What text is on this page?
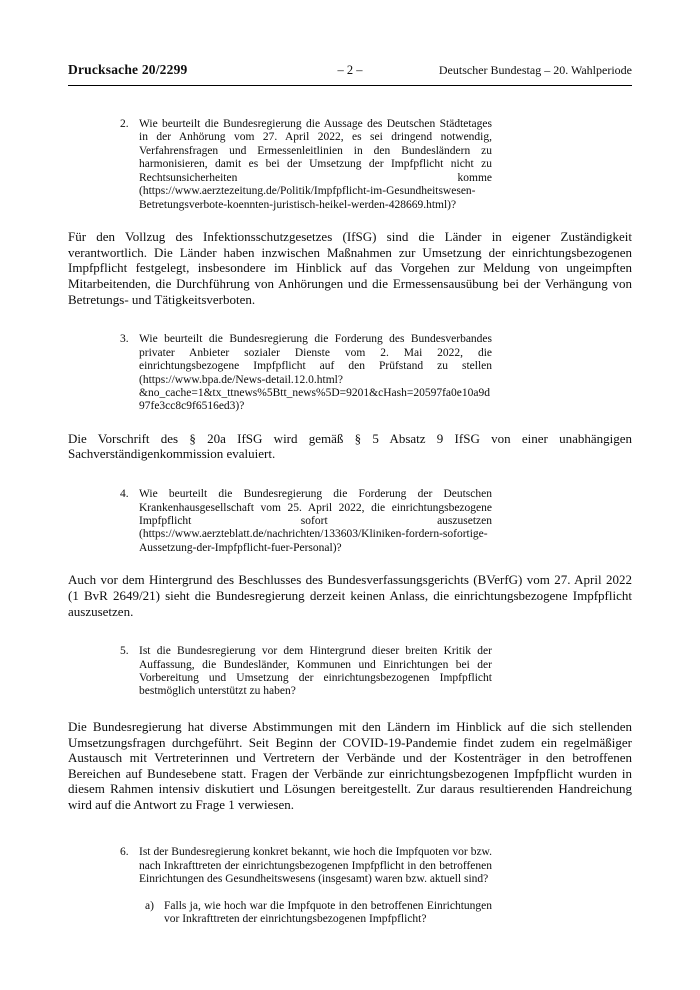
Drucksache 20/2299	– 2 –	Deutscher Bundestag – 20. Wahlperiode
2. Wie beurteilt die Bundesregierung die Aussage des Deutschen Städtetages in der Anhörung vom 27. April 2022, es sei dringend notwendig, Verfahrensfragen und Ermessenleitlinien in den Bundesländern zu harmonisieren, damit es bei der Umsetzung der Impfpflicht nicht zu Rechtsunsicherheiten komme (https://www.aerztezeitung.de/Politik/Impfpflicht-im-Gesundheitswesen-Betretungsverbote-koennten-juristisch-heikel-werden-428669.html)?

Für den Vollzug des Infektionsschutzgesetzes (IfSG) sind die Länder in eigener Zuständigkeit verantwortlich. Die Länder haben inzwischen Maßnahmen zur Umsetzung der einrichtungsbezogenen Impfpflicht festgelegt, insbesondere im Hinblick auf das Vorgehen zur Meldung von ungeimpften Mitarbeitenden, die Durchführung von Anhörungen und die Ermessensausübung bei der Verhängung von Betretungs- und Tätigkeitsverboten.

3. Wie beurteilt die Bundesregierung die Forderung des Bundesverbandes privater Anbieter sozialer Dienste vom 2. Mai 2022, die einrichtungsbezogene Impfpflicht auf den Prüfstand zu stellen (https://www.bpa.de/News-detail.12.0.html?&no_cache=1&tx_ttnews%5Btt_news%5D=9201&cHash=20597fa0e10a9d97fe3cc8c9f6516ed3)?

Die Vorschrift des § 20a IfSG wird gemäß § 5 Absatz 9 IfSG von einer unabhängigen Sachverständigenkommission evaluiert.

4. Wie beurteilt die Bundesregierung die Forderung der Deutschen Krankenhausgesellschaft vom 25. April 2022, die einrichtungsbezogene Impfpflicht sofort auszusetzen (https://www.aerzteblatt.de/nachrichten/133603/Kliniken-fordern-sofortige-Aussetzung-der-Impfpflicht-fuer-Personal)?

Auch vor dem Hintergrund des Beschlusses des Bundesverfassungsgerichts (BVerfG) vom 27. April 2022 (1 BvR 2649/21) sieht die Bundesregierung derzeit keinen Anlass, die einrichtungsbezogene Impfpflicht auszusetzen.

5. Ist die Bundesregierung vor dem Hintergrund dieser breiten Kritik der Auffassung, die Bundesländer, Kommunen und Einrichtungen bei der Vorbereitung und Umsetzung der einrichtungsbezogenen Impfpflicht bestmöglich unterstützt zu haben?

Die Bundesregierung hat diverse Abstimmungen mit den Ländern im Hinblick auf die sich stellenden Umsetzungsfragen durchgeführt. Seit Beginn der COVID-19-Pandemie findet zudem ein regelmäßiger Austausch mit Vertreterinnen und Vertretern der Verbände und der Kostenträger in den betroffenen Bereichen auf Bundesebene statt. Fragen der Verbände zur einrichtungsbezogenen Impfpflicht wurden in diesem Rahmen intensiv diskutiert und Lösungen bereitgestellt. Zur daraus resultierenden Handreichung wird auf die Antwort zu Frage 1 verwiesen.

6. Ist der Bundesregierung konkret bekannt, wie hoch die Impfquoten vor bzw. nach Inkrafttreten der einrichtungsbezogenen Impfpflicht in den betroffenen Einrichtungen des Gesundheitswesens (insgesamt) waren bzw. aktuell sind?
a) Falls ja, wie hoch war die Impfquote in den betroffenen Einrichtungen vor Inkrafttreten der einrichtungsbezogenen Impfpflicht?
